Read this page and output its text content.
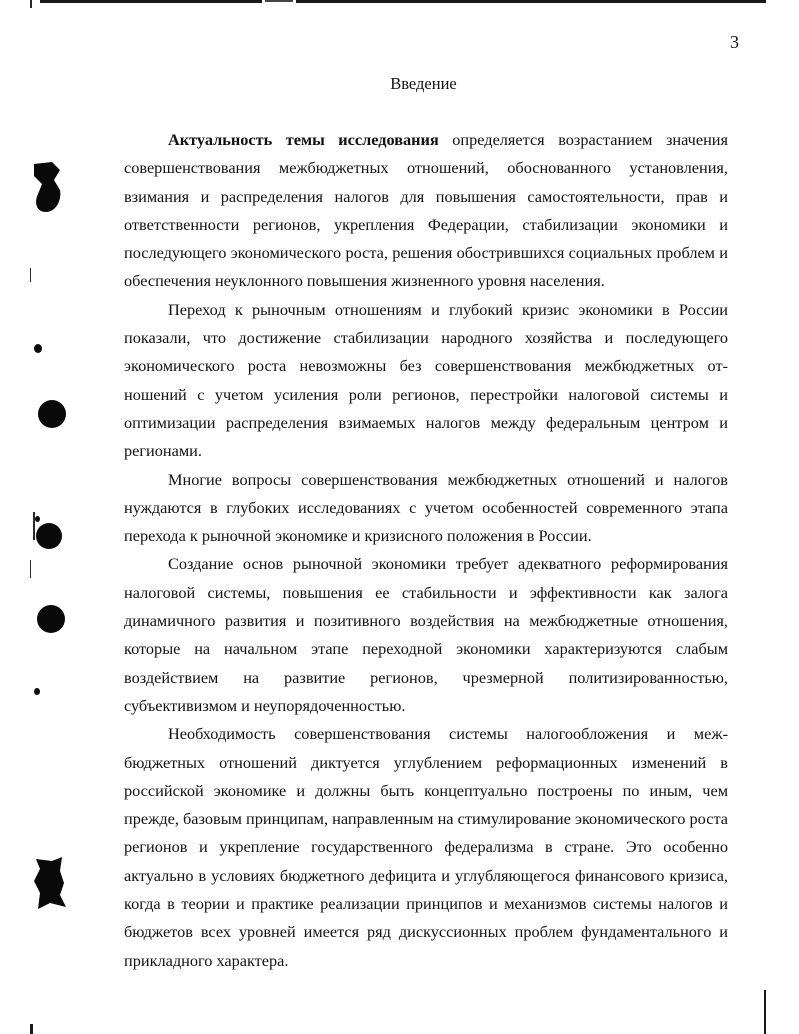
3
Введение

Актуальность темы исследования определяется возрастанием значения совершенствования межбюджетных отношений, обоснованного установления, взимания и распределения налогов для повышения самостоятельности, прав и ответственности регионов, укрепления Федерации, стабилизации экономики и последующего экономического роста, решения обострившихся социальных проблем и обеспечения неуклонного повышения жизненного уровня населения.

Переход к рыночным отношениям и глубокий кризис экономики в России показали, что достижение стабилизации народного хозяйства и последующего экономического роста невозможны без совершенствования межбюджетных отношений с учетом усиления роли регионов, перестройки налоговой системы и оптимизации распределения взимаемых налогов между федеральным центром и регионами.

Многие вопросы совершенствования межбюджетных отношений и налогов нуждаются в глубоких исследованиях с учетом особенностей современного этапа перехода к рыночной экономике и кризисного положения в России.

Создание основ рыночной экономики требует адекватного реформирования налоговой системы, повышения ее стабильности и эффективности как залога динамичного развития и позитивного воздействия на межбюджетные отношения, которые на начальном этапе переходной экономики характеризуются слабым воздействием на развитие регионов, чрезмерной политизированностью, субъективизмом и неупорядоченностью.

Необходимость совершенствования системы налогообложения и межбюджетных отношений диктуется углублением реформационных изменений в российской экономике и должны быть концептуально построены по иным, чем прежде, базовым принципам, направленным на стимулирование экономического роста регионов и укрепление государственного федерализма в стране. Это особенно актуально в условиях бюджетного дефицита и углубляющегося финансового кризиса, когда в теории и практике реализации принципов и механизмов системы налогов и бюджетов всех уровней имеется ряд дискуссионных проблем фундаментального и прикладного характера.
